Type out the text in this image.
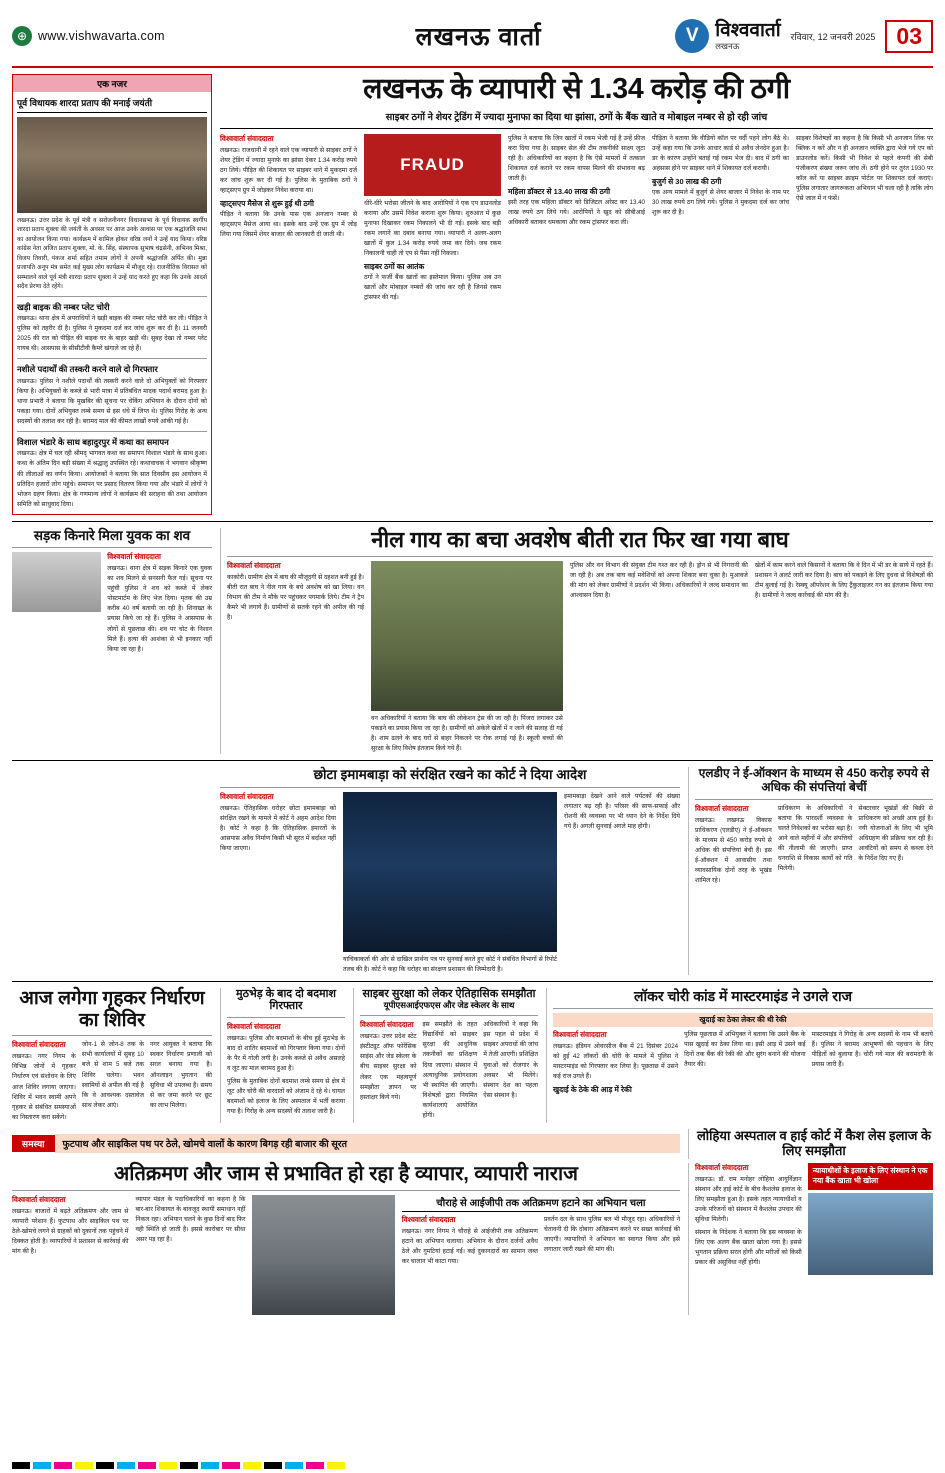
⊕ www.vishwavarta.com	लखनऊ वार्ता	V विश्ववार्ता
लखनऊ
रविवार, 12 जनवरी 2025 03
एक नजर
पूर्व विधायक शारदा प्रताप की मनाई जयंती
लखनऊ। उत्तर प्रदेश के पूर्व मंत्री व सरोजनीनगर विधानसभा के पूर्व विधायक स्वर्गीय शारदा प्रताप शुक्ला की जयंती के अवसर पर आज उनके आवास पर एक श्रद्धांजलि सभा का आयोजन किया गया। कार्यक्रम में शामिल होकर वरिष्ठ जनों ने उन्हें याद किया। वरिष्ठ कांग्रेस नेता अजित प्रताप शुक्ला, मो. के. सिंह, संस्थापक सुभाष चंद्रसेनी, अभिनव मिश्रा, विजय तिवारी, पंकज शर्मा सहित तमाम लोगों ने अपनी श्रद्धांजलि अर्पित की। मुन्ना प्रजापति अनूप मंत्र समेत कई मुख्य लोग कार्यक्रम में मौजूद रहे। राजनीतिक विरासत को सम्भालने वाले पूर्व मंत्री शारदा प्रताप शुक्ला ने उन्हें याद करते हुए कहा कि उनके आदर्श सदैव प्रेरणा देते रहेंगे।
खड़ी बाइक की नम्बर प्लेट चोरी
लखनऊ। थाना क्षेत्र में अपराधियों ने खड़ी बाइक की नम्बर प्लेट चोरी कर ली। पीड़ित ने पुलिस को तहरीर दी है। पुलिस ने मुकदमा दर्ज कर जांच शुरू कर दी है। 11 जनवरी 2025 की रात को पीड़ित की बाइक घर के बाहर खड़ी थी। सुबह देखा तो नम्बर प्लेट गायब थी। आसपास के सीसीटीवी कैमरे खंगाले जा रहे हैं।
नशीले पदार्थों की तस्करी करने वाले दो गिरफ्तार
लखनऊ। पुलिस ने नशीले पदार्थों की तस्करी करने वाले दो अभियुक्तों को गिरफ्तार किया है। अभियुक्तों के कब्जे से भारी मात्रा में प्रतिबंधित मादक पदार्थ बरामद हुआ है। थाना प्रभारी ने बताया कि मुखबिर की सूचना पर चेकिंग अभियान के दौरान दोनों को पकड़ा गया। दोनों अभियुक्त लम्बे समय से इस धंधे में लिप्त थे। पुलिस गिरोह के अन्य सदस्यों की तलाश कर रही है। बरामद माल की कीमत लाखों रुपये आंकी गई है।
विशाल भंडारे के साथ बहादुरपुर में कथा का समापन
लखनऊ। क्षेत्र में चल रही श्रीमद् भागवत कथा का समापन विशाल भंडारे के साथ हुआ। कथा के अंतिम दिन बड़ी संख्या में श्रद्धालु उपस्थित रहे। कथावाचक ने भगवान श्रीकृष्ण की लीलाओं का वर्णन किया। आयोजकों ने बताया कि सात दिवसीय इस आयोजन में प्रतिदिन हजारों लोग पहुंचे। समापन पर प्रसाद वितरण किया गया और भंडारे में लोगों ने भोजन ग्रहण किया। क्षेत्र के गणमान्य लोगों ने कार्यक्रम की सराहना की तथा आयोजन समिति को साधुवाद दिया।
लखनऊ के व्यापारी से 1.34 करोड़ की ठगी
साइबर ठगों ने शेयर ट्रेडिंग में ज्यादा मुनाफा का दिया था झांसा, ठगों के बैंक खाते व मोबाइल नम्बर से हो रही जांच
विश्ववार्ता संवाददाता
लखनऊ। राजधानी में रहने वाले एक व्यापारी से साइबर ठगों ने शेयर ट्रेडिंग में ज्यादा मुनाफे का झांसा देकर 1.34 करोड़ रुपये ठग लिये। पीड़ित की शिकायत पर साइबर थाने में मुकदमा दर्ज कर जांच शुरू कर दी गई है। पुलिस के मुताबिक ठगों ने व्हाट्सएप ग्रुप में जोड़कर निवेश कराया था।
व्हाट्सएप मैसेज से शुरू हुई थी ठगी
पीड़ित ने बताया कि उनके पास एक अनजान नम्बर से व्हाट्सएप मैसेज आया था। इसके बाद उन्हें एक ग्रुप में जोड़ लिया गया जिसमें शेयर बाजार की जानकारी दी जाती थी।
FRAUD
धीरे-धीरे भरोसा जीतने के बाद आरोपियों ने एक एप डाउनलोड कराया और उसमें निवेश कराना शुरू किया। शुरुआत में कुछ मुनाफा दिखाकर रकम निकालने भी दी गई। इसके बाद बड़ी रकम लगाने का दबाव बनाया गया। व्यापारी ने अलग-अलग खातों में कुल 1.34 करोड़ रुपये जमा कर दिये। जब रकम निकालनी चाही तो एप से पैसा नहीं निकला।
साइबर ठगों का आतंक
ठगों ने फर्जी बैंक खातों का इस्तेमाल किया। पुलिस अब उन खातों और मोबाइल नम्बरों की जांच कर रही है जिनसे रकम ट्रांसफर की गई।
पुलिस ने बताया कि जिन खातों में रकम भेजी गई है उन्हें फ्रीज करा दिया गया है। साइबर सेल की टीम तकनीकी साक्ष्य जुटा रही है। अधिकारियों का कहना है कि ऐसे मामलों में तत्काल शिकायत दर्ज कराने पर रकम वापस मिलने की संभावना बढ़ जाती है।
महिला डॉक्टर से 13.40 लाख की ठगी
इसी तरह एक महिला डॉक्टर को डिजिटल अरेस्ट कर 13.40 लाख रुपये ठग लिये गये। आरोपियों ने खुद को सीबीआई अधिकारी बताकर धमकाया और रकम ट्रांसफर करा ली।
पीड़िता ने बताया कि वीडियो कॉल पर वर्दी पहने लोग बैठे थे। उन्हें कहा गया कि उनके आधार कार्ड से अवैध लेनदेन हुआ है। डर के कारण उन्होंने बताई गई रकम भेज दी। बाद में ठगी का अहसास होने पर साइबर थाने में शिकायत दर्ज करायी।
बुजुर्ग से 30 लाख की ठगी
एक अन्य मामले में बुजुर्ग से शेयर बाजार में निवेश के नाम पर 30 लाख रुपये ठग लिये गये। पुलिस ने मुकदमा दर्ज कर जांच शुरू कर दी है।
साइबर विशेषज्ञों का कहना है कि किसी भी अनजान लिंक पर क्लिक न करें और न ही अनजान व्यक्ति द्वारा भेजे गये एप को डाउनलोड करें। किसी भी निवेश से पहले कंपनी की सेबी पंजीकरण संख्या जरूर जांच लें। ठगी होने पर तुरंत 1930 पर कॉल करें या साइबर क्राइम पोर्टल पर शिकायत दर्ज कराएं। पुलिस लगातार जागरूकता अभियान भी चला रही है ताकि लोग ऐसे जाल में न फंसें।
सड़क किनारे मिला युवक का शव
विश्ववार्ता संवाददाता
लखनऊ। थाना क्षेत्र में सड़क किनारे एक युवक का शव मिलने से सनसनी फैल गई। सूचना पर पहुंची पुलिस ने शव को कब्जे में लेकर पोस्टमार्टम के लिए भेज दिया। मृतक की उम्र करीब 40 वर्ष बतायी जा रही है। शिनाख्त के प्रयास किये जा रहे हैं। पुलिस ने आसपास के लोगों से पूछताछ की। शव पर चोट के निशान मिले हैं। हत्या की आशंका से भी इनकार नहीं किया जा रहा है।
नील गाय का बचा अवशेष बीती रात फिर खा गया बाघ
विश्ववार्ता संवाददाता
काकोरी। ग्रामीण क्षेत्र में बाघ की मौजूदगी से दहशत बनी हुई है। बीती रात बाघ ने नील गाय के बचे अवशेष को खा लिया। वन विभाग की टीम ने मौके पर पहुंचकर पगमार्क लिये। टीम ने ट्रैप कैमरे भी लगाये हैं। ग्रामीणों से सतर्क रहने की अपील की गई है।
वन अधिकारियों ने बताया कि बाघ की लोकेशन ट्रेस की जा रही है। पिंजरा लगाकर उसे पकड़ने का प्रयास किया जा रहा है। ग्रामीणों को अकेले खेतों में न जाने की सलाह दी गई है। शाम ढलने के बाद घरों से बाहर निकलने पर रोक लगाई गई है। स्कूली बच्चों की सुरक्षा के लिए विशेष इंतजाम किये गये हैं।
पुलिस और वन विभाग की संयुक्त टीम गश्त कर रही है। ड्रोन से भी निगरानी की जा रही है। अब तक बाघ कई मवेशियों को अपना शिकार बना चुका है। मुआवजे की मांग को लेकर ग्रामीणों ने प्रदर्शन भी किया। अधिकारियों ने जल्द समाधान का आश्वासन दिया है।
खेतों में काम करने वाले किसानों ने बताया कि वे दिन में भी डर के साये में रहते हैं। प्रशासन ने अलर्ट जारी कर दिया है। बाघ को पकड़ने के लिए दुधवा से विशेषज्ञों की टीम बुलाई गई है। रेस्क्यू ऑपरेशन के लिए ट्रैंकुलाइजर गन का इंतजाम किया गया है। ग्रामीणों ने जल्द कार्रवाई की मांग की है।
छोटा इमामबाड़ा को संरक्षित रखने का कोर्ट ने दिया आदेश
विश्ववार्ता संवाददाता
लखनऊ। ऐतिहासिक धरोहर छोटा इमामबाड़ा को संरक्षित रखने के मामले में कोर्ट ने अहम आदेश दिया है। कोर्ट ने कहा है कि ऐतिहासिक इमारतों के आसपास अवैध निर्माण किसी भी सूरत में बर्दाश्त नहीं किया जाएगा।
याचिकाकर्ता की ओर से दाखिल प्रार्थना पत्र पर सुनवाई करते हुए कोर्ट ने संबंधित विभागों से रिपोर्ट तलब की है। कोर्ट ने कहा कि धरोहर का संरक्षण प्रशासन की जिम्मेदारी है।
इमामबाड़ा देखने आने वाले पर्यटकों की संख्या लगातार बढ़ रही है। परिसर की साफ-सफाई और रोशनी की व्यवस्था पर भी ध्यान देने के निर्देश दिये गये हैं। अगली सुनवाई अगले माह होगी।
एलडीए ने ई-ऑक्शन के माध्यम से 450 करोड़ रुपये से अधिक की संपत्तियां बेचीं
विश्ववार्ता संवाददाता
लखनऊ। लखनऊ विकास प्राधिकरण (एलडीए) ने ई-ऑक्शन के माध्यम से 450 करोड़ रुपये से अधिक की संपत्तियां बेची हैं। इस ई-ऑक्शन में आवासीय तथा व्यावसायिक दोनों तरह के भूखंड शामिल रहे।
प्राधिकरण के अधिकारियों ने बताया कि पारदर्शी व्यवस्था के चलते निवेशकों का भरोसा बढ़ा है। आने वाले महीनों में और संपत्तियों की नीलामी की जाएगी। प्राप्त धनराशि से विकास कार्यों को गति मिलेगी।
सेक्टरवार भूखंडों की बिक्री से प्राधिकरण को अच्छी आय हुई है। नयी योजनाओं के लिए भी भूमि अधिग्रहण की प्रक्रिया चल रही है। आवंटियों को समय से कब्जा देने के निर्देश दिए गए हैं।
आज लगेगा गृहकर निर्धारण का शिविर
विश्ववार्ता संवाददाता
लखनऊ। नगर निगम के विभिन्न जोनों में गृहकर निर्धारण एवं संशोधन के लिए आज शिविर लगाया जाएगा। शिविर में भवन स्वामी अपने गृहकर से संबंधित समस्याओं का निस्तारण करा सकेंगे।
जोन-1 से जोन-8 तक के सभी कार्यालयों में सुबह 10 बजे से शाम 5 बजे तक शिविर चलेगा। भवन स्वामियों से अपील की गई है कि वे आवश्यक दस्तावेज साथ लेकर आएं।
नगर आयुक्त ने बताया कि स्वकर निर्धारण प्रणाली को सरल बनाया गया है। ऑनलाइन भुगतान की सुविधा भी उपलब्ध है। समय से कर जमा करने पर छूट का लाभ मिलेगा।
मुठभेड़ के बाद दो बदमाश गिरफ्तार
विश्ववार्ता संवाददाता
लखनऊ। पुलिस और बदमाशों के बीच हुई मुठभेड़ के बाद दो शातिर बदमाशों को गिरफ्तार किया गया। दोनों के पैर में गोली लगी है। उनके कब्जे से अवैध असलहे व लूट का माल बरामद हुआ है।
पुलिस के मुताबिक दोनों बदमाश लम्बे समय से क्षेत्र में लूट और चोरी की वारदातों को अंजाम दे रहे थे। घायल बदमाशों को इलाज के लिए अस्पताल में भर्ती कराया गया है। गिरोह के अन्य सदस्यों की तलाश जारी है।
साइबर सुरक्षा को लेकर ऐतिहासिक समझौता
यूपीएसआईएफएस और जेड स्केलर के साथ
विश्ववार्ता संवाददाता
लखनऊ। उत्तर प्रदेश स्टेट इंस्टीट्यूट ऑफ फोरेंसिक साइंस और जेड स्केलर के बीच साइबर सुरक्षा को लेकर एक महत्वपूर्ण समझौता ज्ञापन पर हस्ताक्षर किये गये।
इस समझौते के तहत विद्यार्थियों को साइबर सुरक्षा की आधुनिक तकनीकों का प्रशिक्षण दिया जाएगा। संस्थान में अत्याधुनिक प्रयोगशाला भी स्थापित की जाएगी। विशेषज्ञों द्वारा नियमित कार्यशालाएं आयोजित होंगी।
अधिकारियों ने कहा कि इस पहल से प्रदेश में साइबर अपराधों की जांच में तेजी आएगी। प्रशिक्षित युवाओं को रोजगार के अवसर भी मिलेंगे। संस्थान देश का पहला ऐसा संस्थान है।
लॉकर चोरी कांड में मास्टरमाइंड ने उगले राज
खुदाई का ठेका लेकर की थी रेकी
विश्ववार्ता संवाददाता
लखनऊ। इंडियन ओवरसीज बैंक में 21 दिसंबर 2024 को हुई 42 लॉकरों की चोरी के मामले में पुलिस ने मास्टरमाइंड को गिरफ्तार कर लिया है। पूछताछ में उसने कई राज उगले हैं।
खुदाई के ठेके की आड़ में रेकी
पुलिस पूछताछ में अभियुक्त ने बताया कि उसने बैंक के पास खुदाई का ठेका लिया था। इसी आड़ में उसने कई दिनों तक बैंक की रेकी की और सुरंग बनाने की योजना तैयार की।
मास्टरमाइंड ने गिरोह के अन्य सदस्यों के नाम भी बताये हैं। पुलिस ने बरामद आभूषणों की पहचान के लिए पीड़ितों को बुलाया है। चोरी गये माल की बरामदगी के प्रयास जारी हैं।
समस्या	फुटपाथ और साइकिल पथ पर ठेले, खोमचे वालों के कारण बिगड़ रही बाजार की सूरत
लोहिया अस्पताल व हाई कोर्ट में कैश लेस इलाज के लिए समझौता
अतिक्रमण और जाम से प्रभावित हो रहा है व्यापार, व्यापारी नाराज
विश्ववार्ता संवाददाता
लखनऊ। बाजारों में बढ़ते अतिक्रमण और जाम से व्यापारी परेशान हैं। फुटपाथ और साइकिल पथ पर ठेले-खोमचे लगने से ग्राहकों को दुकानों तक पहुंचने में दिक्कत होती है। व्यापारियों ने प्रशासन से कार्रवाई की मांग की है।
व्यापार मंडल के पदाधिकारियों का कहना है कि बार-बार शिकायत के बावजूद स्थायी समाधान नहीं निकल रहा। अभियान चलने के कुछ दिनों बाद फिर वही स्थिति हो जाती है। इससे कारोबार पर सीधा असर पड़ रहा है।
चौराहे से आईजीपी तक अतिक्रमण हटाने का अभियान चला
विश्ववार्ता संवाददाता
लखनऊ। नगर निगम ने चौराहे से आईजीपी तक अतिक्रमण हटाने का अभियान चलाया। अभियान के दौरान दर्जनों अवैध ठेले और गुमटियां हटाई गईं। कई दुकानदारों का सामान जब्त कर चालान भी काटा गया।
प्रवर्तन दल के साथ पुलिस बल भी मौजूद रहा। अधिकारियों ने चेतावनी दी कि दोबारा अतिक्रमण करने पर सख्त कार्रवाई की जाएगी। व्यापारियों ने अभियान का स्वागत किया और इसे लगातार जारी रखने की मांग की।
विश्ववार्ता संवाददाता
लखनऊ। डॉ. राम मनोहर लोहिया आयुर्विज्ञान संस्थान और हाई कोर्ट के बीच कैशलेस इलाज के लिए समझौता हुआ है। इसके तहत न्यायाधीशों व उनके परिजनों को संस्थान में कैशलेस उपचार की सुविधा मिलेगी।
संस्थान के निदेशक ने बताया कि इस व्यवस्था के लिए एक अलग बैंक खाता खोला गया है। इससे भुगतान प्रक्रिया सरल होगी और मरीजों को किसी प्रकार की असुविधा नहीं होगी।
न्यायाधीशों के इलाज के लिए संस्थान ने एक नया बैंक खाता भी खोला
